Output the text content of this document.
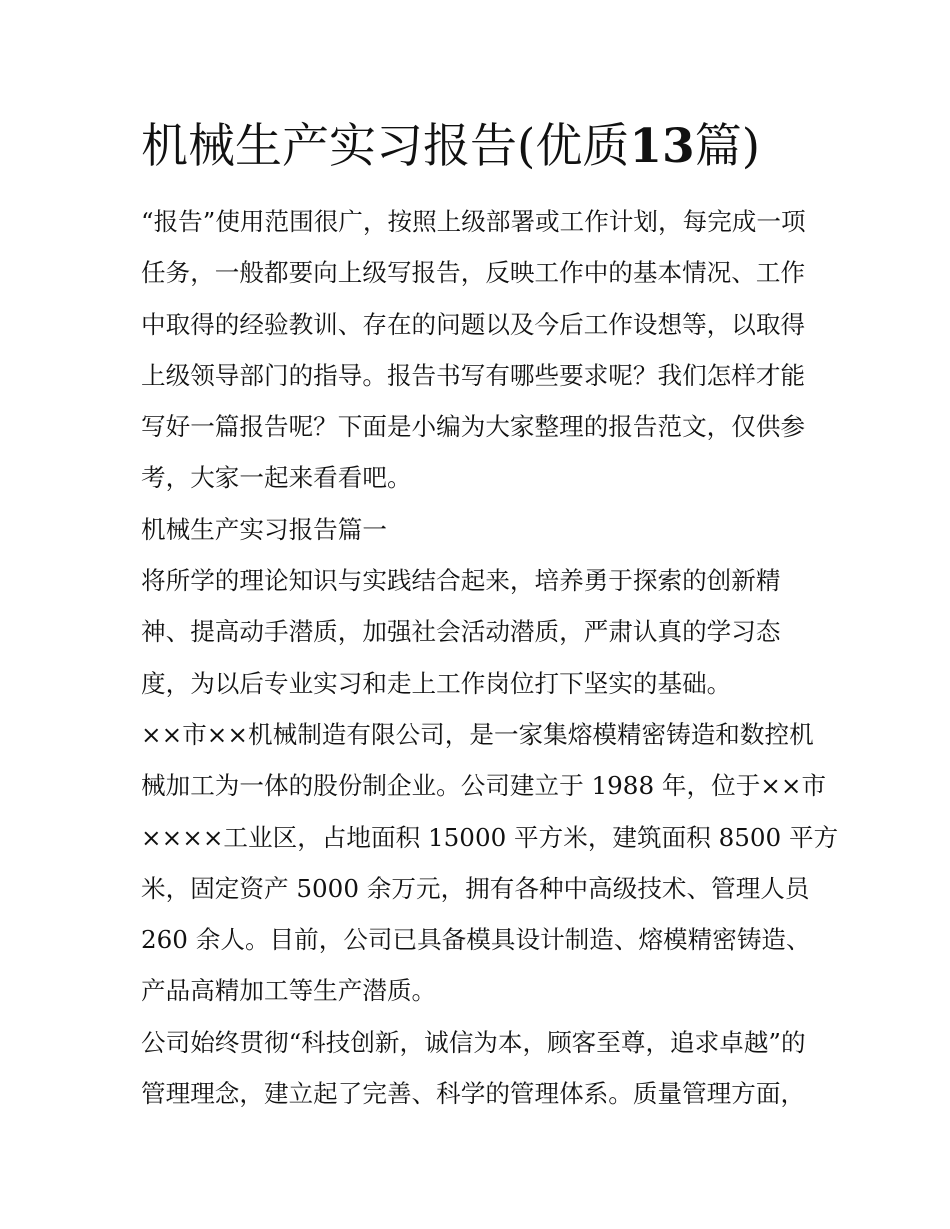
机械生产实习报告(优质13篇)

“报告”使用范围很广，按照上级部署或工作计划，每完成一项
任务，一般都要向上级写报告，反映工作中的基本情况、工作
中取得的经验教训、存在的问题以及今后工作设想等，以取得
上级领导部门的指导。报告书写有哪些要求呢？我们怎样才能
写好一篇报告呢？下面是小编为大家整理的报告范文，仅供参
考，大家一起来看看吧。

机械生产实习报告篇一

将所学的理论知识与实践结合起来，培养勇于探索的创新精
神、提高动手潜质，加强社会活动潜质，严肃认真的学习态
度，为以后专业实习和走上工作岗位打下坚实的基础。

××市××机械制造有限公司，是一家集熔模精密铸造和数控机
械加工为一体的股份制企业。公司建立于 1988 年，位于××市
××××工业区，占地面积 15000 平方米，建筑面积 8500 平方
米，固定资产 5000 余万元，拥有各种中高级技术、管理人员
260 余人。目前，公司已具备模具设计制造、熔模精密铸造、
产品高精加工等生产潜质。

公司始终贯彻“科技创新，诚信为本，顾客至尊，追求卓越”的
管理理念，建立起了完善、科学的管理体系。质量管理方面，
